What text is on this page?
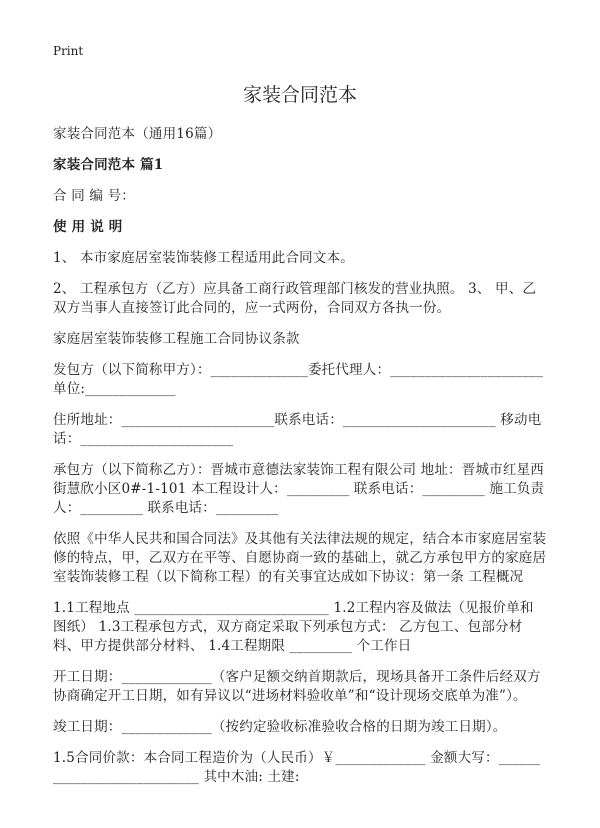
Print
家装合同范本

家装合同范本（通用16篇）

家装合同范本 篇1

合 同 编 号：

使 用 说 明

1、 本市家庭居室装饰装修工程适用此合同文本。

2、 工程承包方（乙方）应具备工商行政管理部门核发的营业执照。 3、 甲、乙双方当事人直接签订此合同的，应一式两份，合同双方各执一份。

家庭居室装饰装修工程施工合同协议条款

发包方（以下简称甲方）：______________委托代理人：______________________ 单位:_____________

住所地址：______________________联系电话：______________________ 移动电话：______________________

承包方（以下简称乙方）：晋城市意德法家装饰工程有限公司 地址：晋城市红星西街慧欣小区0#-1-101 本工程设计人：_________ 联系电话：_________ 施工负责人：_________ 联系电话：_________

依照《中华人民共和国合同法》及其他有关法律法规的规定，结合本市家庭居室装修的特点，甲，乙双方在平等、自愿协商一致的基础上，就乙方承包甲方的家庭居室装饰装修工程（以下简称工程）的有关事宜达成如下协议：第一条 工程概况

1.1工程地点 ____________________________ 1.2工程内容及做法（见报价单和图纸） 1.3工程承包方式，双方商定采取下列承包方式： 乙方包工、包部分材料、甲方提供部分材料、 1.4工程期限 _________ 个工作日

开工日期：_____________（客户足额交纳首期款后，现场具备开工条件后经双方协商确定开工日期，如有异议以“进场材料验收单”和“设计现场交底单为准”）。

竣工日期：_____________（按约定验收标准验收合格的日期为竣工日期）。

1.5合同价款：本合同工程造价为（人民币）￥_____________ 金额大写：___________________________ 其中木油: 土建:
